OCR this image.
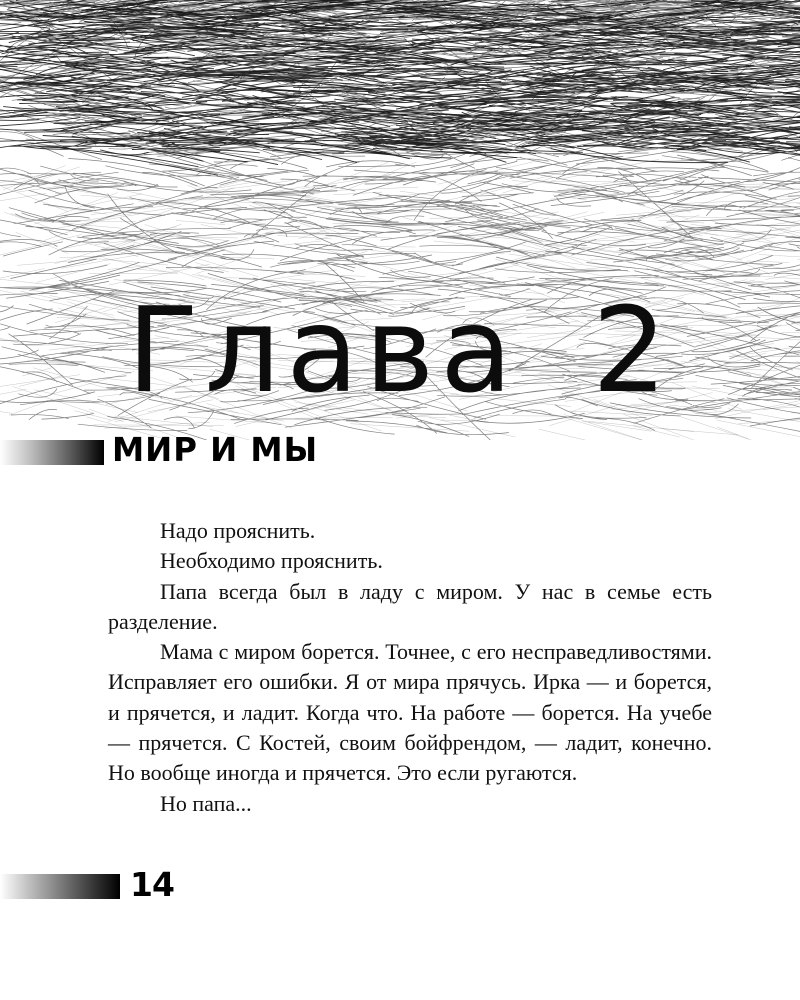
Глава 2
МИР И МЫ

Надо прояснить.

Необходимо прояснить.

Папа всегда был в ладу с миром. У нас в семье есть разделение.

Мама с миром борется. Точнее, с его несправедливостями. Исправляет его ошибки. Я от мира прячусь. Ирка — и борется, и прячется, и ладит. Когда что. На работе — борется. На учебе — прячется. С Костей, своим бойфрендом, — ладит, конечно. Но вообще иногда и прячется. Это если ругаются.

Но папа...

14
